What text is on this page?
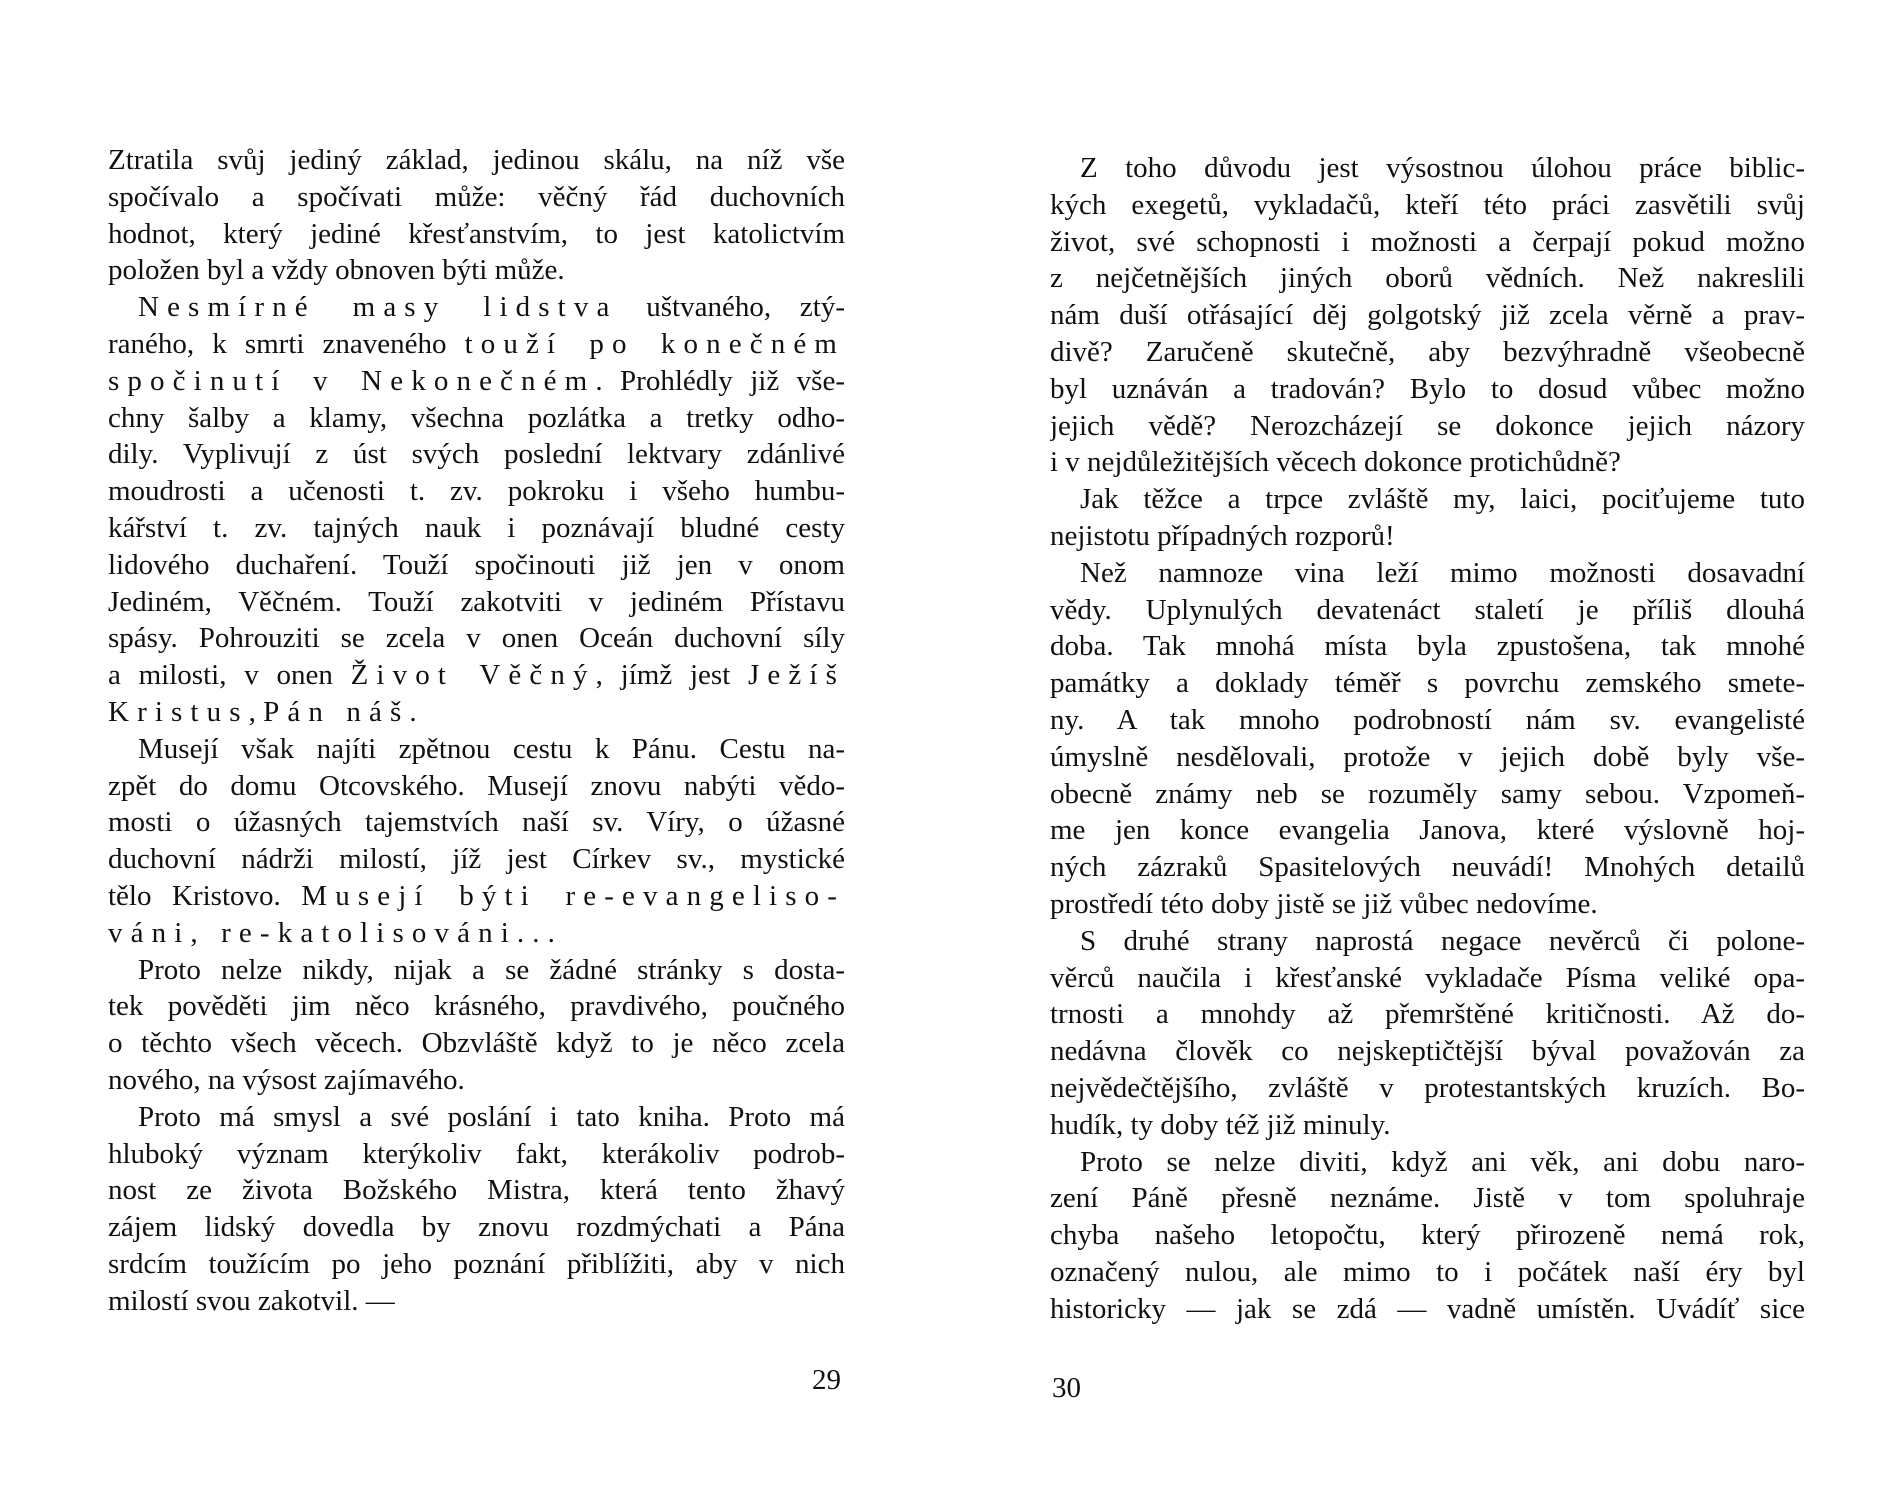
Ztratila svůj jediný základ, jedinou skálu, na níž vše
spočívalo a spočívati může: věčný řád duchovních
hodnot, který jediné křesťanstvím, to jest katolictvím
položen byl a vždy obnoven býti může.
Nesmírné masy lidstva uštvaného, ztý-
raného, k smrti znaveného touží po konečném
spočinutí v Nekonečném. Prohlédly již vše-
chny šalby a klamy, všechna pozlátka a tretky odho-
dily. Vyplivují z úst svých poslední lektvary zdánlivé
moudrosti a učenosti t. zv. pokroku i všeho humbu-
kářství t. zv. tajných nauk i poznávají bludné cesty
lidového duchaření. Touží spočinouti již jen v onom
Jediném, Věčném. Touží zakotviti v jediném Přístavu
spásy. Pohrouziti se zcela v onen Oceán duchovní síly
a milosti, v onen Život Věčný, jímž jest Ježíš
Kristus, Pán náš.
Musejí však najíti zpětnou cestu k Pánu. Cestu na-
zpět do domu Otcovského. Musejí znovu nabýti vědo-
mosti o úžasných tajemstvích naší sv. Víry, o úžasné
duchovní nádrži milostí, jíž jest Církev sv., mystické
tělo Kristovo. Musejí býti re-evangeliso-
váni, re-katolisováni...
Proto nelze nikdy, nijak a se žádné stránky s dosta-
tek pověděti jim něco krásného, pravdivého, poučného
o těchto všech věcech. Obzvláště když to je něco zcela
nového, na výsost zajímavého.
Proto má smysl a své poslání i tato kniha. Proto má
hluboký význam kterýkoliv fakt, kterákoliv podrob-
nost ze života Božského Mistra, která tento žhavý
zájem lidský dovedla by znovu rozdmýchati a Pána
srdcím toužícím po jeho poznání přiblížiti, aby v nich
milostí svou zakotvil. —
29
Z toho důvodu jest výsostnou úlohou práce biblic-
kých exegetů, vykladačů, kteří této práci zasvětili svůj
život, své schopnosti i možnosti a čerpají pokud možno
z nejčetnějších jiných oborů vědních. Než nakreslili
nám duší otřásající děj golgotský již zcela věrně a prav-
divě? Zaručeně skutečně, aby bezvýhradně všeobecně
byl uznáván a tradován? Bylo to dosud vůbec možno
jejich vědě? Nerozcházejí se dokonce jejich názory
i v nejdůležitějších věcech dokonce protichůdně?
Jak těžce a trpce zvláště my, laici, pociťujeme tuto
nejistotu případných rozporů!
Než namnoze vina leží mimo možnosti dosavadní
vědy. Uplynulých devatenáct staletí je příliš dlouhá
doba. Tak mnohá místa byla zpustošena, tak mnohé
památky a doklady téměř s povrchu zemského smete-
ny. A tak mnoho podrobností nám sv. evangelisté
úmyslně nesdělovali, protože v jejich době byly vše-
obecně známy neb se rozuměly samy sebou. Vzpomeň-
me jen konce evangelia Janova, které výslovně hoj-
ných zázraků Spasitelových neuvádí! Mnohých detailů
prostředí této doby jistě se již vůbec nedovíme.
S druhé strany naprostá negace nevěrců či polone-
věrců naučila i křesťanské vykladače Písma veliké opa-
trnosti a mnohdy až přemrštěné kritičnosti. Až do-
nedávna člověk co nejskeptičtější býval považován za
nejvědečtějšího, zvláště v protestantských kruzích. Bo-
hudík, ty doby též již minuly.
Proto se nelze diviti, když ani věk, ani dobu naro-
zení Páně přesně neznáme. Jistě v tom spoluhraje
chyba našeho letopočtu, který přirozeně nemá rok,
označený nulou, ale mimo to i počátek naší éry byl
historicky — jak se zdá — vadně umístěn. Uvádíť sice
30
